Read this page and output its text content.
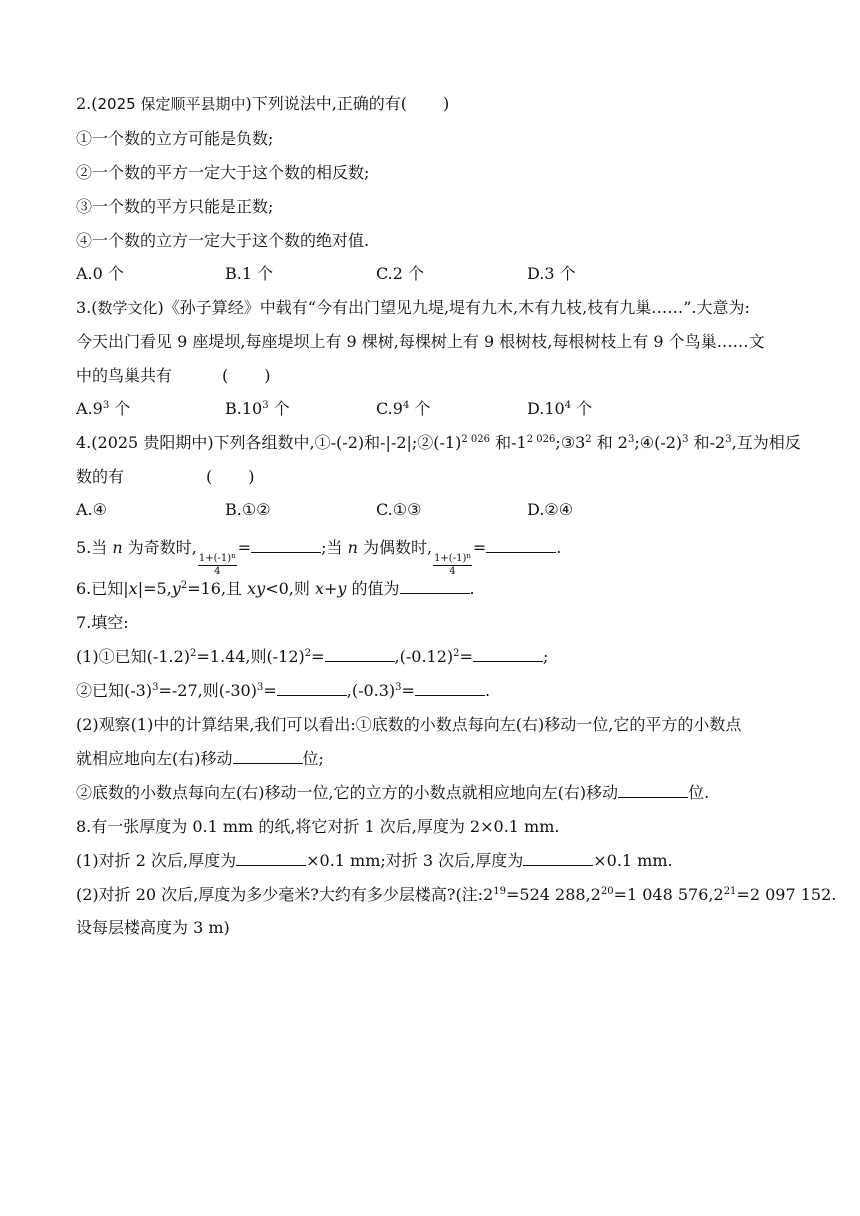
2.(2025 保定顺平县期中)下列说法中,正确的有( )
①一个数的立方可能是负数;
②一个数的平方一定大于这个数的相反数;
③一个数的平方只能是正数;
④一个数的立方一定大于这个数的绝对值.
A.0 个	B.1 个	C.2 个	D.3 个
3.(数学文化)《孙子算经》中载有“今有出门望见九堤,堤有九木,木有九枝,枝有九巢……”.大意为:
今天出门看见 9 座堤坝,每座堤坝上有 9 棵树,每棵树上有 9 根树枝,每根树枝上有 9 个鸟巢……文
中的鸟巢共有	( )
$A.9^3$ 个	$B.10^3$ 个	$C.9^4$ 个	$D.10^4$ 个
4.(2025 贵阳期中)下列各组数中,①-(-2)和$-|-2|;②(-1)^{2 026}$ 和$-1^{2 026};③3^2$ 和 $2^3;④(-2)^3$ 和$-2^3$,互为相反
数的有	( )
A.④	B.①②	C.①③	D.②④
5.当 n 为奇数时,
$\frac{1+(-1)^n}{4}$
=	;当 n 为偶数时,
$\frac{1+(-1)^n}{4}$
=	.
6.已知$|x|=5,y^2=16$,且 xy<0,则 x+y 的值为	.
7.填空:
(1)①已知$(-1.2)^2=1.44$,则$(-12)^2=$	$,(-0.12)^2=$	;
②已知$(-3)^3=-27$,则$(-30)^3=$	$,(-0.3)^3=$	.
(2)观察(1)中的计算结果,我们可以看出:①底数的小数点每向左(右)移动一位,它的平方的小数点
就相应地向左(右)移动	位;
②底数的小数点每向左(右)移动一位,它的立方的小数点就相应地向左(右)移动	位.
8.有一张厚度为 0.1 mm 的纸,将它对折 1 次后,厚度为 2×0.1 mm.
(1)对折 2 次后,厚度为	×0.1 mm;对折 3 次后,厚度为	×0.1 mm.
(2)对折 20 次后,厚度为多少毫米?大约有多少层楼高?(注$:2^{19}=524$ $288,2^{20}=1$ 048 $576,2^{21}=2$ 097 152.
设每层楼高度为 3 m)
